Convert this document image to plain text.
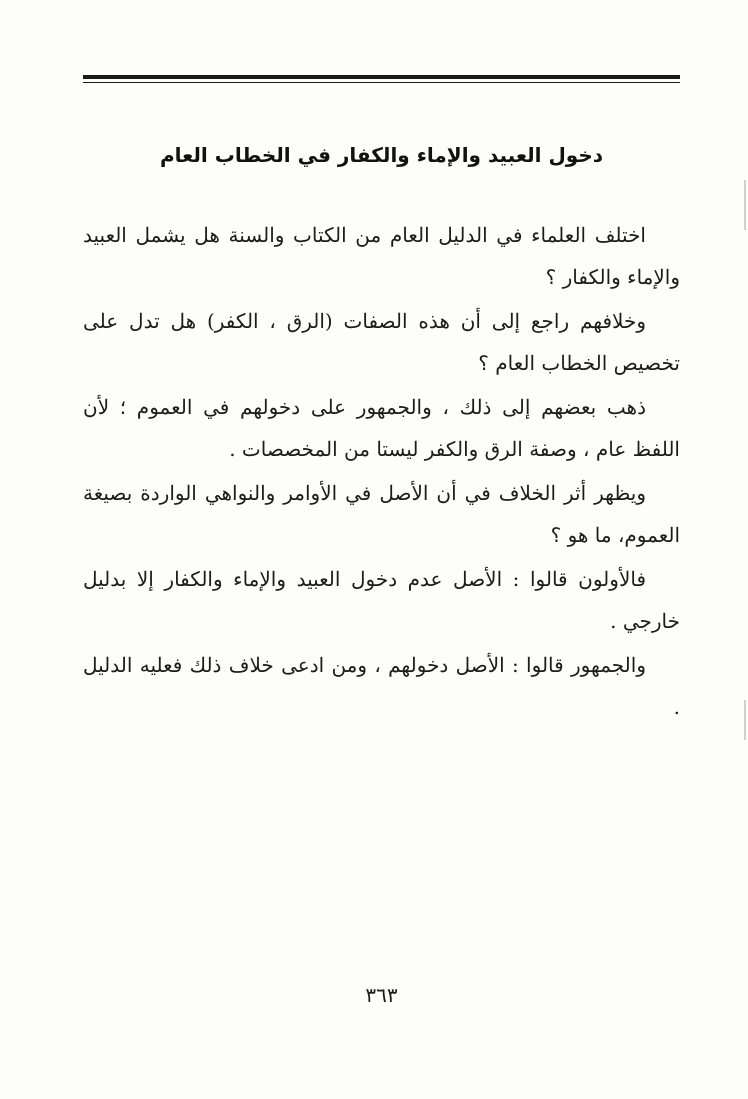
دخول العبيد والإماء والكفار في الخطاب العام

اختلف العلماء في الدليل العام من الكتاب والسنة هل يشمل العبيد والإماء والكفار ؟

وخلافهم راجع إلى أن هذه الصفات (الرق ، الكفر) هل تدل على تخصيص الخطاب العام ؟

ذهب بعضهم إلى ذلك ، والجمهور على دخولهم في العموم ؛ لأن اللفظ عام ، وصفة الرق والكفر ليستا من المخصصات .

ويظهر أثر الخلاف في أن الأصل في الأوامر والنواهي الواردة بصيغة العموم، ما هو ؟

فالأولون قالوا : الأصل عدم دخول العبيد والإماء والكفار إلا بدليل خارجي .

والجمهور قالوا : الأصل دخولهم ، ومن ادعى خلاف ذلك فعليه الدليل .

٣٦٣
